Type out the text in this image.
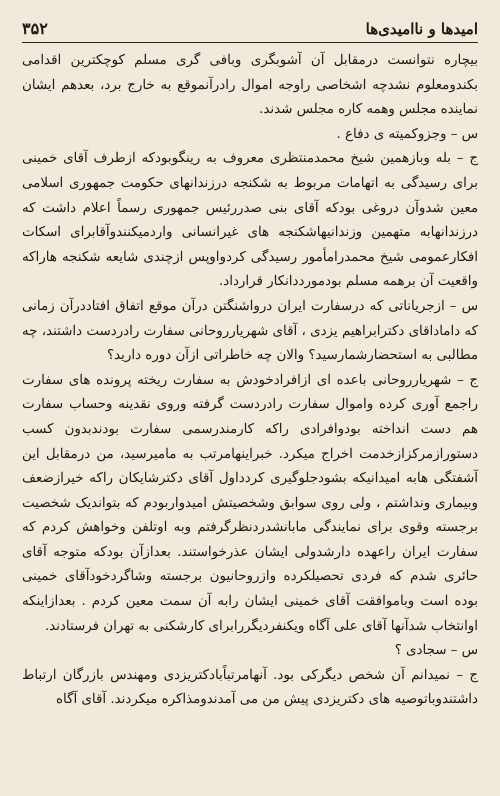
امیدها و ناامیدی‌ها
۳۵۲

بیچاره نتوانست درمقابل آن آشوبگری وبافی گری مسلم کوچکترین اقدامی بکندومعلوم نشدچه اشخاصی راوجه اموال رادرآنموقع به خارج برد، بعدهم ایشان نماینده مجلس وهمه کاره مجلس شدند.

س – وجزوکمیته ی دفاع .

ج – بله وبازهمین شیخ محمدمنتظری معروف به رینگوبودکه ازطرف آقای خمینی برای رسیدگی به اتهامات مربوط به شکنجه درزندانهای حکومت جمهوری اسلامی معین شدوآن دروغی بودکه آقای بنی صدررئیس جمهوری رسماً اعلام داشت که درزندانهابه متهمین وزندانیهاشکنجه های غیرانسانی واردمیکنندوآقابرای اسکات افکارعمومی شیخ محمدرامأمور رسیدگی کردواوپس ازچندی شایعه شکنجه هاراکه واقعیت آن برهمه مسلم بودمورددانکار قرارداد.

س – ازجریاناتی که درسفارت ایران درواشنگتن درآن موقع اتفاق افتاددرآن زمانی که داماداقای دکترابراهیم یزدی ، آقای شهریارروحانی سفارت رادردست داشتند، چه مطالبی به استحضارشمارسید؟ والان چه خاطراتی ازآن دوره دارید؟

ج – شهریارروحانی باعده ای ازافرادخودش به سفارت ریخته پرونده های سفارت راجمع آوری کرده واموال سفارت رادردست گرفته وروی نقدینه وحساب سفارت هم دست انداخته بودوافرادی راکه کارمندرسمی سفارت بودندبدون کسب دستورازمرکزازخدمت اخراج میکرد. خبراینهامرتب به مامیرسید، من درمقابل این آشفتگی هابه امیدانیکه بشودجلوگیری کردداول آقای دکترشایکان راکه خیرازضعف وبیماری ونداشتم ، ولی روی سوابق وشخصیتش امیدواربودم که بتواندیک شخصیت برجسته وقوی برای نمایندگی مابانشدردنظرگرفتم وبه اوتلفن وخواهش کردم که سفارت ایران راعهده دارشدولی ایشان عذرخواستند. بعدازآن بودکه متوجه آقای حائری شدم که فردی تحصیلکرده وازروحانیون برجسته وشاگردخودآقای خمینی بوده است وباموافقت آقای خمینی ایشان رابه آن سمت معین کردم . بعدازاینکه اوانتخاب شدآنها آقای علی آگاه ویکنفردیگررابرای کارشکنی به تهران فرستادند.

س – سجادی ؟

ج – نمیدانم آن شخص دیگرکی بود. آنهامرتباًبادکتریزدی ومهندس بازرگان ارتباط داشتندوباتوصیه های دکتریزدی پیش من می آمدندومذاکره میکردند. آقای آگاه
